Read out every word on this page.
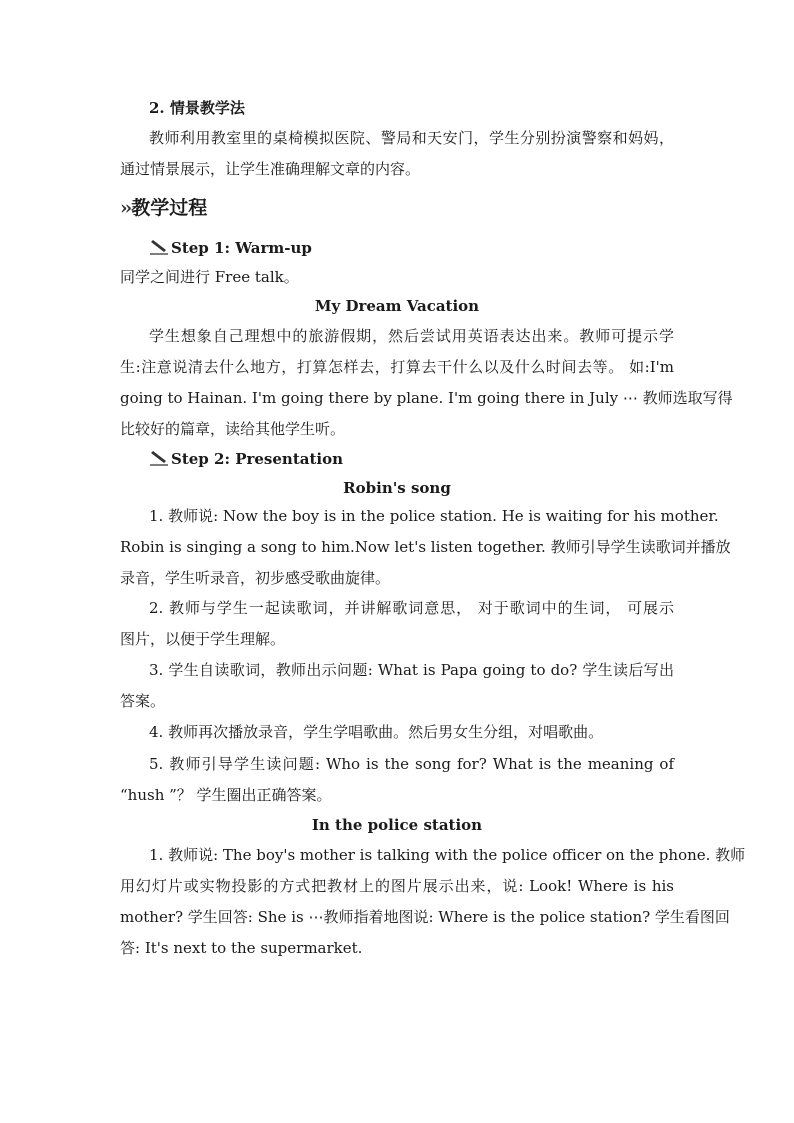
2. 情景教学法
教师利用教室里的桌椅模拟医院、警局和天安门，学生分别扮演警察和妈妈，
通过情景展示，让学生准确理解文章的内容。
›› 教学过程
Step 1: Warm-up
同学之间进行 Free talk。
My Dream Vacation
学生想象自己理想中的旅游假期，然后尝试用英语表达出来。教师可提示学
生:注意说清去什么地方，打算怎样去，打算去干什么以及什么时间去等。 如:I'm
going to Hainan. I'm going there by plane. I'm going there in July ⋯ 教师选取写得
比较好的篇章，读给其他学生听。
Step 2: Presentation
Robin's song
1. 教师说: Now the boy is in the police station. He is waiting for his mother.
Robin is singing a song to him.Now let's listen together. 教师引导学生读歌词并播放
录音，学生听录音，初步感受歌曲旋律。
2. 教师与学生一起读歌词，并讲解歌词意思， 对于歌词中的生词， 可展示
图片，以便于学生理解。
3. 学生自读歌词，教师出示问题: What is Papa going to do? 学生读后写出
答案。
4. 教师再次播放录音，学生学唱歌曲。然后男女生分组，对唱歌曲。
5. 教师引导学生读问题: Who is the song for? What is the meaning of
“hush ”？ 学生圈出正确答案。
In the police station
1. 教师说: The boy's mother is talking with the police officer on the phone. 教师
用幻灯片或实物投影的方式把教材上的图片展示出来，说: Look! Where is his
mother? 学生回答: She is ⋯教师指着地图说: Where is the police station? 学生看图回
答: It's next to the supermarket.
